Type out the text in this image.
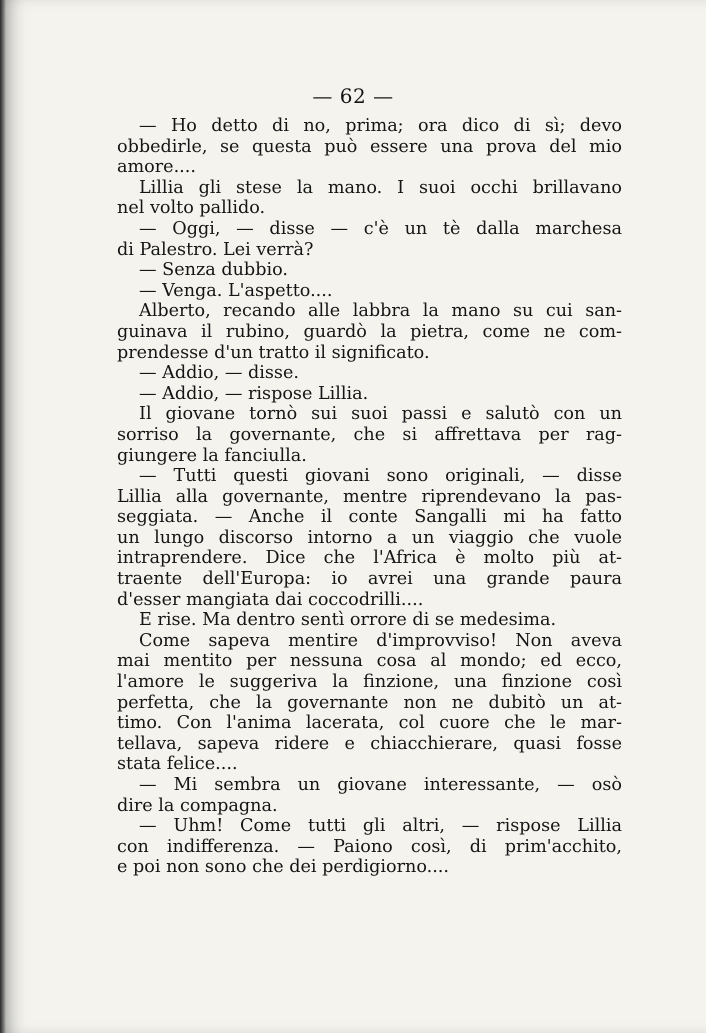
— 62 —
— Ho detto di no, prima; ora dico di sì; devo
obbedirle, se questa può essere una prova del mio
amore....
Lillia gli stese la mano. I suoi occhi brillavano
nel volto pallido.
— Oggi, — disse — c'è un tè dalla marchesa
di Palestro. Lei verrà?
— Senza dubbio.
— Venga. L'aspetto....
Alberto, recando alle labbra la mano su cui san-
guinava il rubino, guardò la pietra, come ne com-
prendesse d'un tratto il significato.
— Addio, — disse.
— Addio, — rispose Lillia.
Il giovane tornò sui suoi passi e salutò con un
sorriso la governante, che si affrettava per rag-
giungere la fanciulla.
— Tutti questi giovani sono originali, — disse
Lillia alla governante, mentre riprendevano la pas-
seggiata. — Anche il conte Sangalli mi ha fatto
un lungo discorso intorno a un viaggio che vuole
intraprendere. Dice che l'Africa è molto più at-
traente dell'Europa: io avrei una grande paura
d'esser mangiata dai coccodrilli....
E rise. Ma dentro sentì orrore di se medesima.
Come sapeva mentire d'improvviso! Non aveva
mai mentito per nessuna cosa al mondo; ed ecco,
l'amore le suggeriva la finzione, una finzione così
perfetta, che la governante non ne dubitò un at-
timo. Con l'anima lacerata, col cuore che le mar-
tellava, sapeva ridere e chiacchierare, quasi fosse
stata felice....
— Mi sembra un giovane interessante, — osò
dire la compagna.
— Uhm! Come tutti gli altri, — rispose Lillia
con indifferenza. — Paiono così, di prim'acchito,
e poi non sono che dei perdigiorno....
